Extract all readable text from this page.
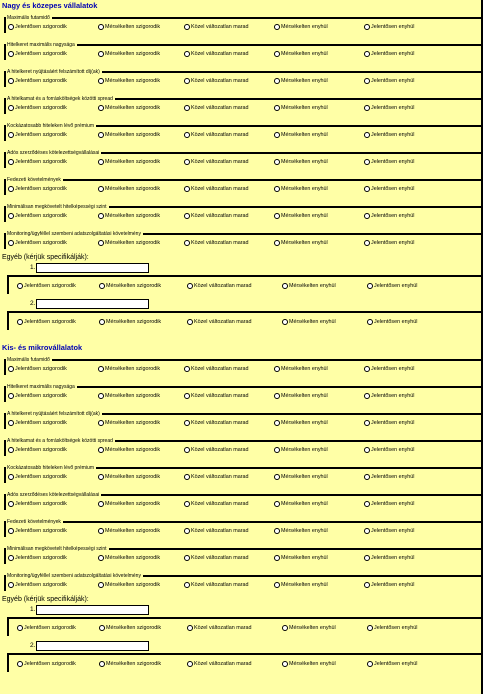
Nagy és közepes vállalatok
Maximális futamidő
Jelentősen szigorodik	Mérsékelten szigorodik	Közel változatlan marad	Mérsékelten enyhül	Jelentősen enyhül
Hitelkeret maximális nagysága
Jelentősen szigorodik	Mérsékelten szigorodik	Közel változatlan marad	Mérsékelten enyhül	Jelentősen enyhül
A hitelkeret nyújtásáért felszámított díj(ak)
Jelentősen szigorodik	Mérsékelten szigorodik	Közel változatlan marad	Mérsékelten enyhül	Jelentősen enyhül
A hitelkamat és a forrásköltségek közötti spread
Jelentősen szigorodik	Mérsékelten szigorodik	Közel változatlan marad	Mérsékelten enyhül	Jelentősen enyhül
Kockázatosabb hiteleken lévő prémium
Jelentősen szigorodik	Mérsékelten szigorodik	Közel változatlan marad	Mérsékelten enyhül	Jelentősen enyhül
Adós szerződéses kötelezettségvállalásai
Jelentősen szigorodik	Mérsékelten szigorodik	Közel változatlan marad	Mérsékelten enyhül	Jelentősen enyhül
Fedezeti követelmények
Jelentősen szigorodik	Mérsékelten szigorodik	Közel változatlan marad	Mérsékelten enyhül	Jelentősen enyhül
Minimálisan megkövetelt hitelképességi szint
Jelentősen szigorodik	Mérsékelten szigorodik	Közel változatlan marad	Mérsékelten enyhül	Jelentősen enyhül
Monitoring/ügyféllel szembeni adatszolgáltatási követelmény
Jelentősen szigorodik	Mérsékelten szigorodik	Közel változatlan marad	Mérsékelten enyhül	Jelentősen enyhül
Egyéb (kérjük specifikálják):
1.
Jelentősen szigorodik	Mérsékelten szigorodik	Közel változatlan marad	Mérsékelten enyhül	Jelentősen enyhül
2.
Jelentősen szigorodik	Mérsékelten szigorodik	Közel változatlan marad	Mérsékelten enyhül	Jelentősen enyhül
Kis- és mikrovállalatok
Maximális futamidő
Jelentősen szigorodik	Mérsékelten szigorodik	Közel változatlan marad	Mérsékelten enyhül	Jelentősen enyhül
Hitelkeret maximális nagysága
Jelentősen szigorodik	Mérsékelten szigorodik	Közel változatlan marad	Mérsékelten enyhül	Jelentősen enyhül
A hitelkeret nyújtásáért felszámított díj(ak)
Jelentősen szigorodik	Mérsékelten szigorodik	Közel változatlan marad	Mérsékelten enyhül	Jelentősen enyhül
A hitelkamat és a forrásköltségek közötti spread
Jelentősen szigorodik	Mérsékelten szigorodik	Közel változatlan marad	Mérsékelten enyhül	Jelentősen enyhül
Kockázatosabb hiteleken lévő prémium
Jelentősen szigorodik	Mérsékelten szigorodik	Közel változatlan marad	Mérsékelten enyhül	Jelentősen enyhül
Adós szerződéses kötelezettségvállalásai
Jelentősen szigorodik	Mérsékelten szigorodik	Közel változatlan marad	Mérsékelten enyhül	Jelentősen enyhül
Fedezeti követelmények
Jelentősen szigorodik	Mérsékelten szigorodik	Közel változatlan marad	Mérsékelten enyhül	Jelentősen enyhül
Minimálisan megkövetelt hitelképességi szint
Jelentősen szigorodik	Mérsékelten szigorodik	Közel változatlan marad	Mérsékelten enyhül	Jelentősen enyhül
Monitoring/ügyféllel szembeni adatszolgáltatási követelmény
Jelentősen szigorodik	Mérsékelten szigorodik	Közel változatlan marad	Mérsékelten enyhül	Jelentősen enyhül
Egyéb (kérjük specifikálják):
1.
Jelentősen szigorodik	Mérsékelten szigorodik	Közel változatlan marad	Mérsékelten enyhül	Jelentősen enyhül
2.
Jelentősen szigorodik	Mérsékelten szigorodik	Közel változatlan marad	Mérsékelten enyhül	Jelentősen enyhül
